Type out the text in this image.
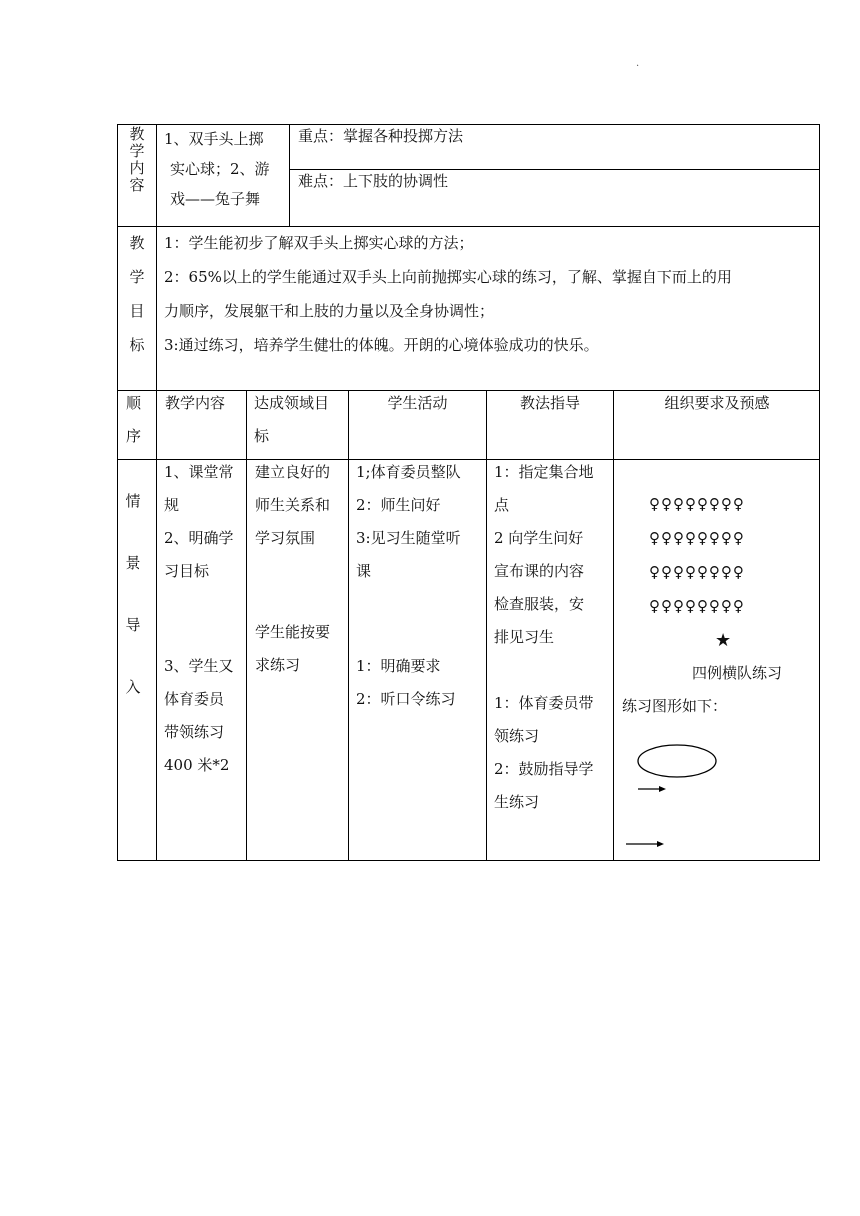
.
教
学
内
容
1、双手头上掷
实心球；2、游
戏——兔子舞
重点：掌握各种投掷方法
难点：上下肢的协调性
教
学
目
标
1：学生能初步了解双手头上掷实心球的方法；
2：65%以上的学生能通过双手头上向前抛掷实心球的练习，了解、掌握自下而上的用
力顺序，发展躯干和上肢的力量以及全身协调性；
3:通过练习，培养学生健壮的体魄。开朗的心境体验成功的快乐。
顺
序
教学内容 达成领域目
标
学生活动	教法指导	组织要求及预感
情
景
导
入
1、课堂常
规
2、明确学
习目标
3、学生又
体育委员
带领练习
400 米*2
建立良好的
师生关系和
学习氛围
学生能按要
求练习
1;体育委员整队
2：师生问好
3:见习生随堂听
课
1：明确要求
2：听口令练习
1：指定集合地
点
2 向学生问好
宣布课的内容
检查服装，安
排见习生
1：体育委员带
领练习
2：鼓励指导学
生练习
♀♀♀♀♀♀♀♀
♀♀♀♀♀♀♀♀
♀♀♀♀♀♀♀♀
♀♀♀♀♀♀♀♀
★
四例横队练习
练习图形如下：
